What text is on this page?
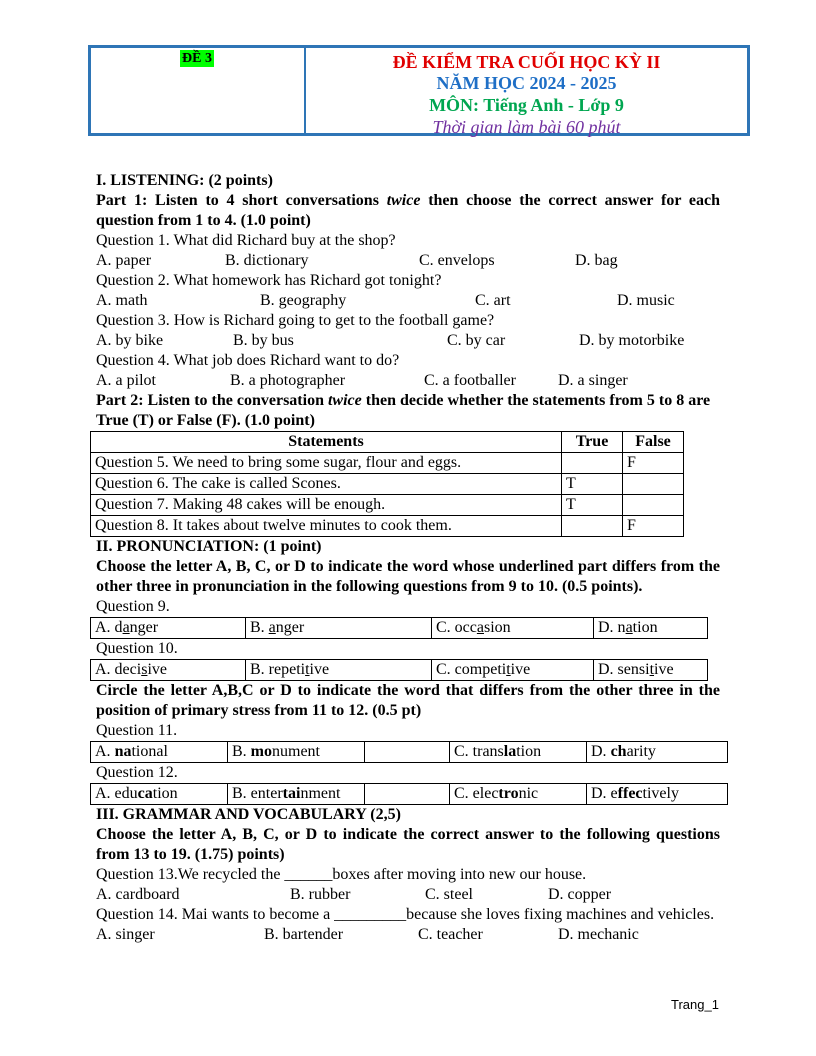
ĐỀ 3	ĐỀ KIỂM TRA CUỐI HỌC KỲ II
NĂM HỌC 2024 - 2025
MÔN: Tiếng Anh - Lớp 9
Thời gian làm bài 60 phút
I. LISTENING: (2 points)
Part 1: Listen to 4 short conversations twice then choose the correct answer for each question from 1 to 4. (1.0 point)
Question 1. What did Richard buy at the shop?
A. paper	B. dictionary	C. envelops	D. bag
Question 2. What homework has Richard got tonight?
A. math	B. geography	C. art	D. music
Question 3. How is Richard going to get to the football game?
A. by bike	B. by bus	C. by car	D. by motorbike
Question 4. What job does Richard want to do?
A. a pilot	B. a photographer	C. a footballer	D. a singer
Part 2: Listen to the conversation twice then decide whether the statements from 5 to 8 are True (T) or False (F). (1.0 point)
Statements	True	False
Question 5. We need to bring some sugar, flour and eggs.		F
Question 6. The cake is called Scones.	T	
Question 7. Making 48 cakes will be enough.	T	
Question 8. It takes about twelve minutes to cook them.		F
II. PRONUNCIATION: (1 point)
Choose the letter A, B, C, or D to indicate the word whose underlined part differs from the other three in pronunciation in the following questions from 9 to 10. (0.5 points).
Question 9.
A. danger	B. anger	C. occasion	D. nation
Question 10.
A. decisive	B. repetitive	C. competitive	D. sensitive
Circle the letter A,B,C or D to indicate the word that differs from the other three in the position of primary stress from 11 to 12. (0.5 pt)
Question 11.
A. national	B. monument		C. translation	D. charity
Question 12.
A. education	B. entertainment		C. electronic	D. effectively
III. GRAMMAR AND VOCABULARY (2,5)
Choose the letter A, B, C, or D to indicate the correct answer to the following questions from 13 to 19. (1.75) points)
Question 13.We recycled the ______boxes after moving into new our house.
A. cardboard	B. rubber	C. steel	D. copper
Question 14. Mai wants to become a _________because she loves fixing machines and vehicles.
A. singer	B. bartender	C. teacher	D. mechanic
Trang_1
